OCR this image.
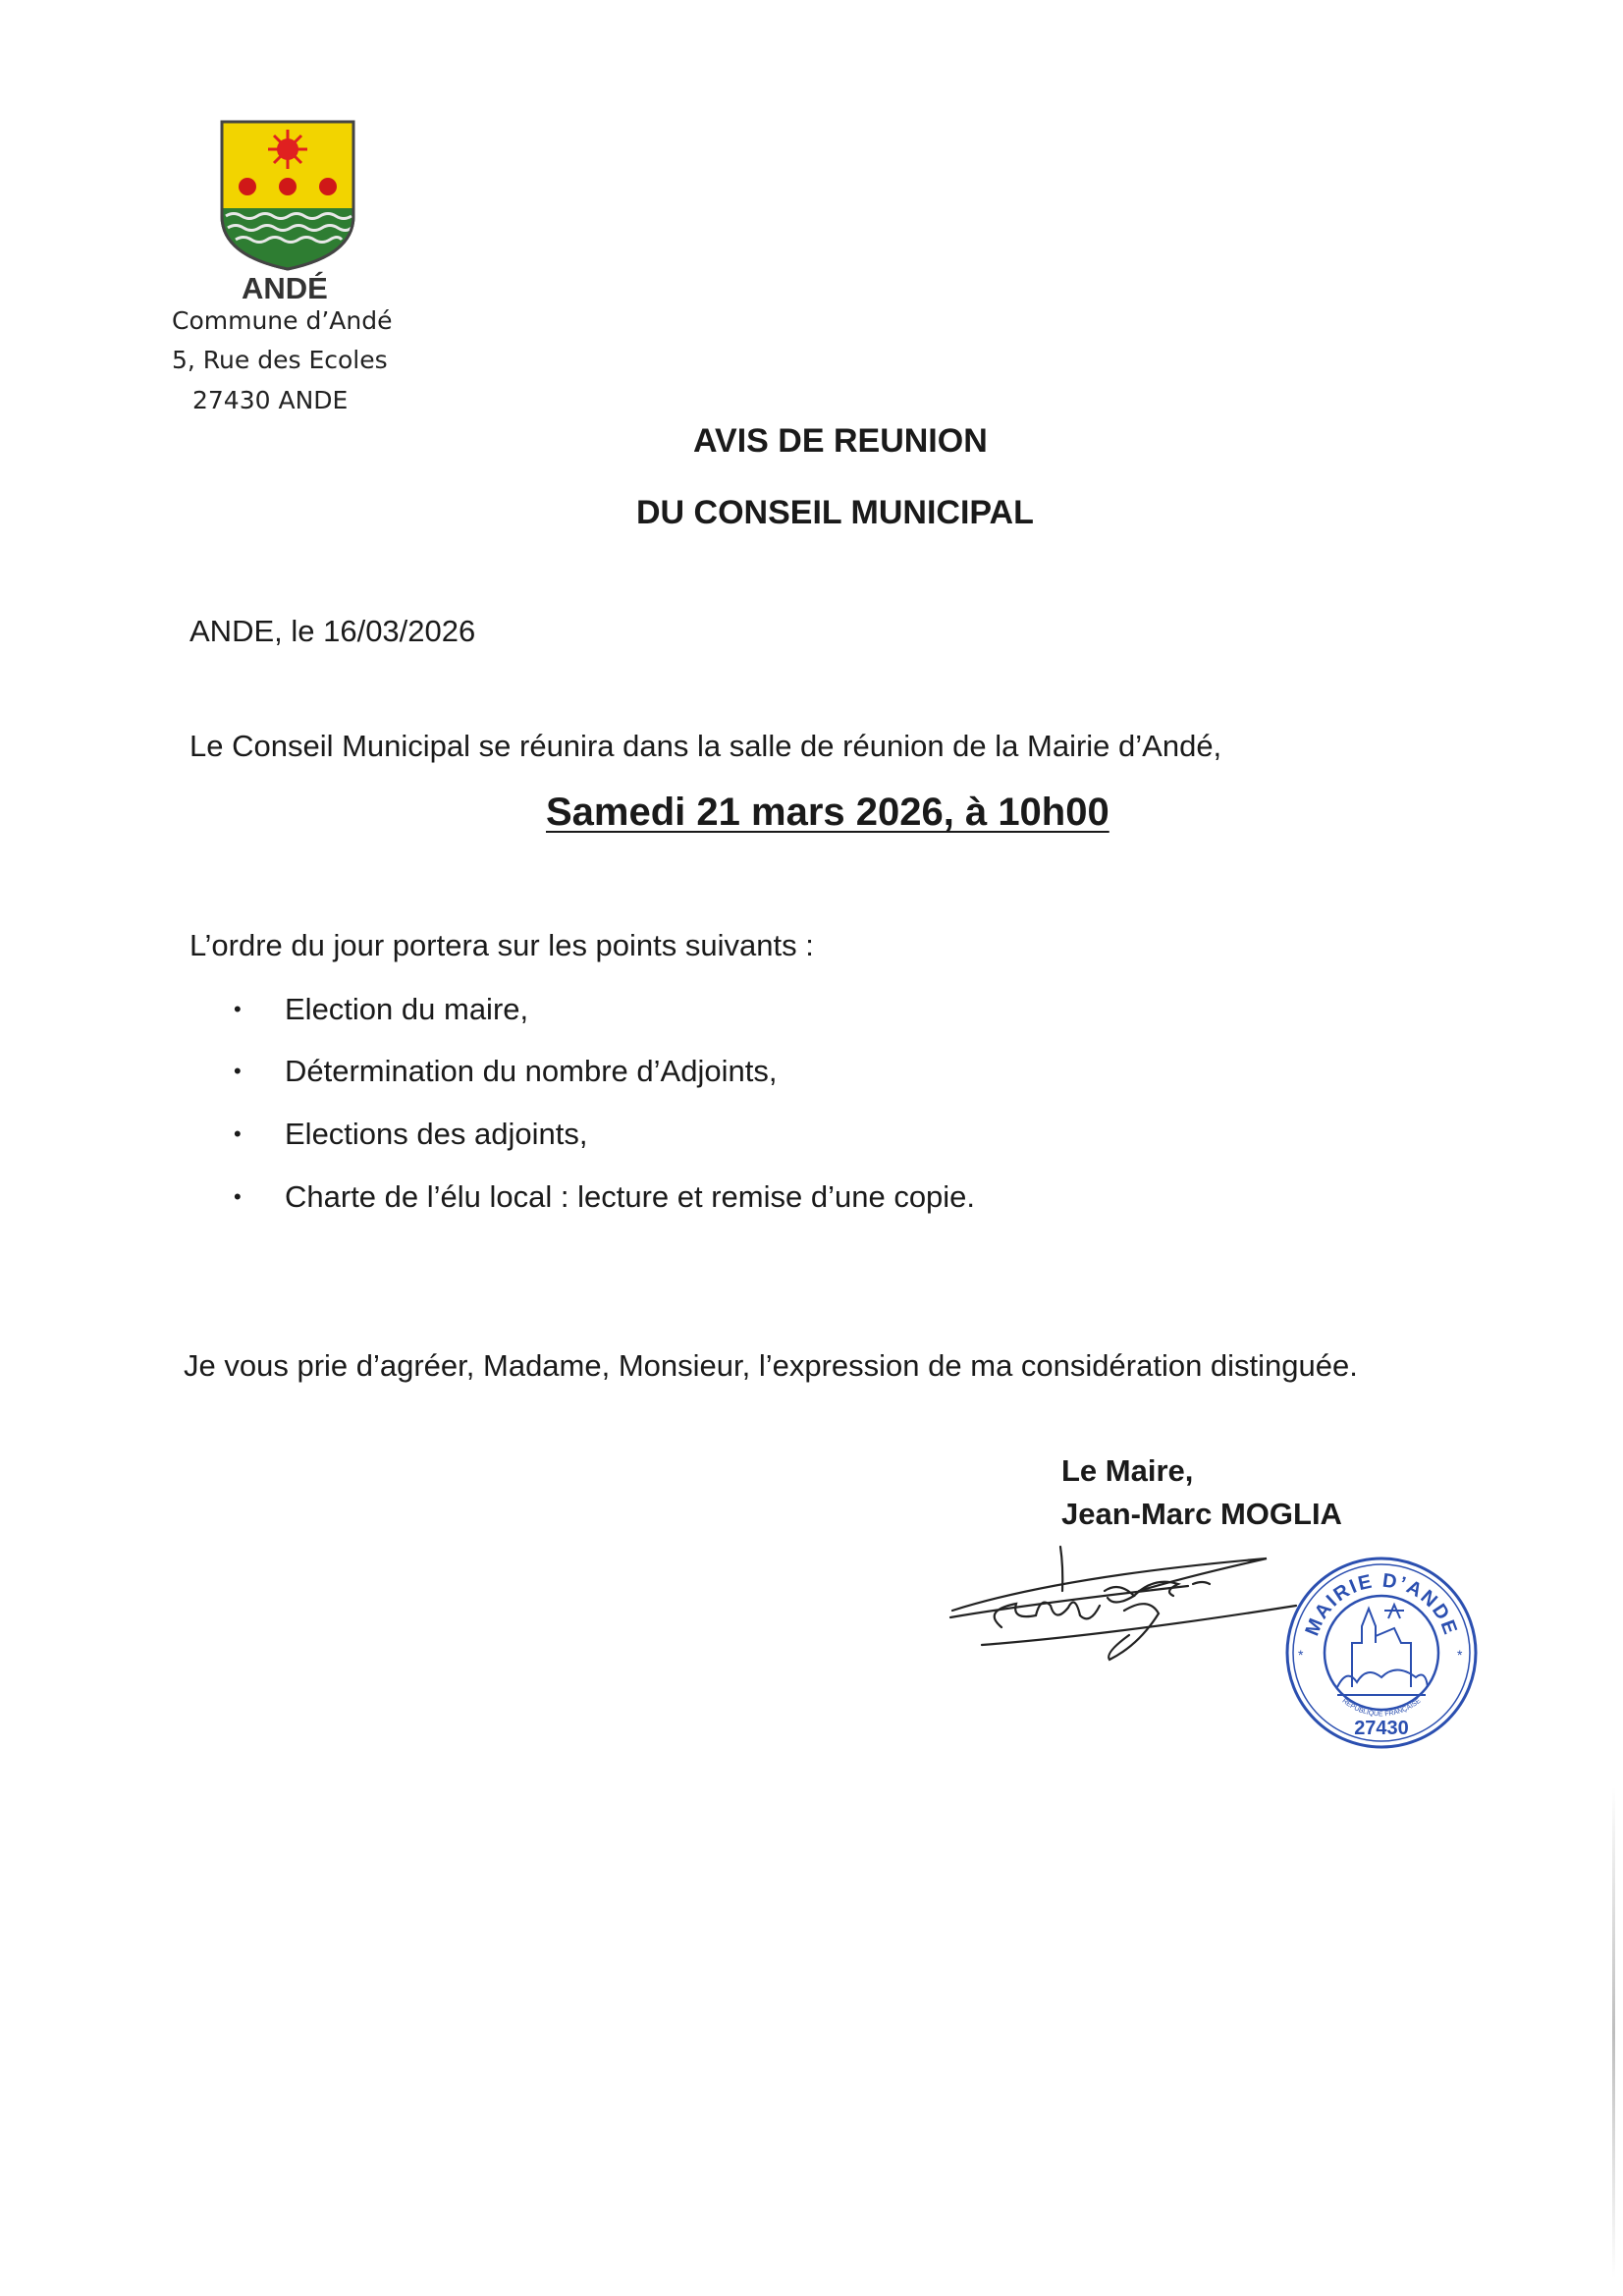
ANDÉ
Commune d’Andé
5, Rue des Ecoles
27430 ANDE
AVIS DE REUNION
DU CONSEIL MUNICIPAL
ANDE, le 16/03/2026
Le Conseil Municipal se réunira dans la salle de réunion de la Mairie d’Andé,
Samedi 21 mars 2026, à 10h00
L’ordre du jour portera sur les points suivants :
• Election du maire,
• Détermination du nombre d’Adjoints,
• Elections des adjoints,
• Charte de l’élu local : lecture et remise d’une copie.
Je vous prie d’agréer, Madame, Monsieur, l’expression de ma considération distinguée.
Le Maire,
Jean-Marc MOGLIA
MAIRIE D’ANDE
27430
*	*
RÉPUBLIQUE FRANÇAISE
